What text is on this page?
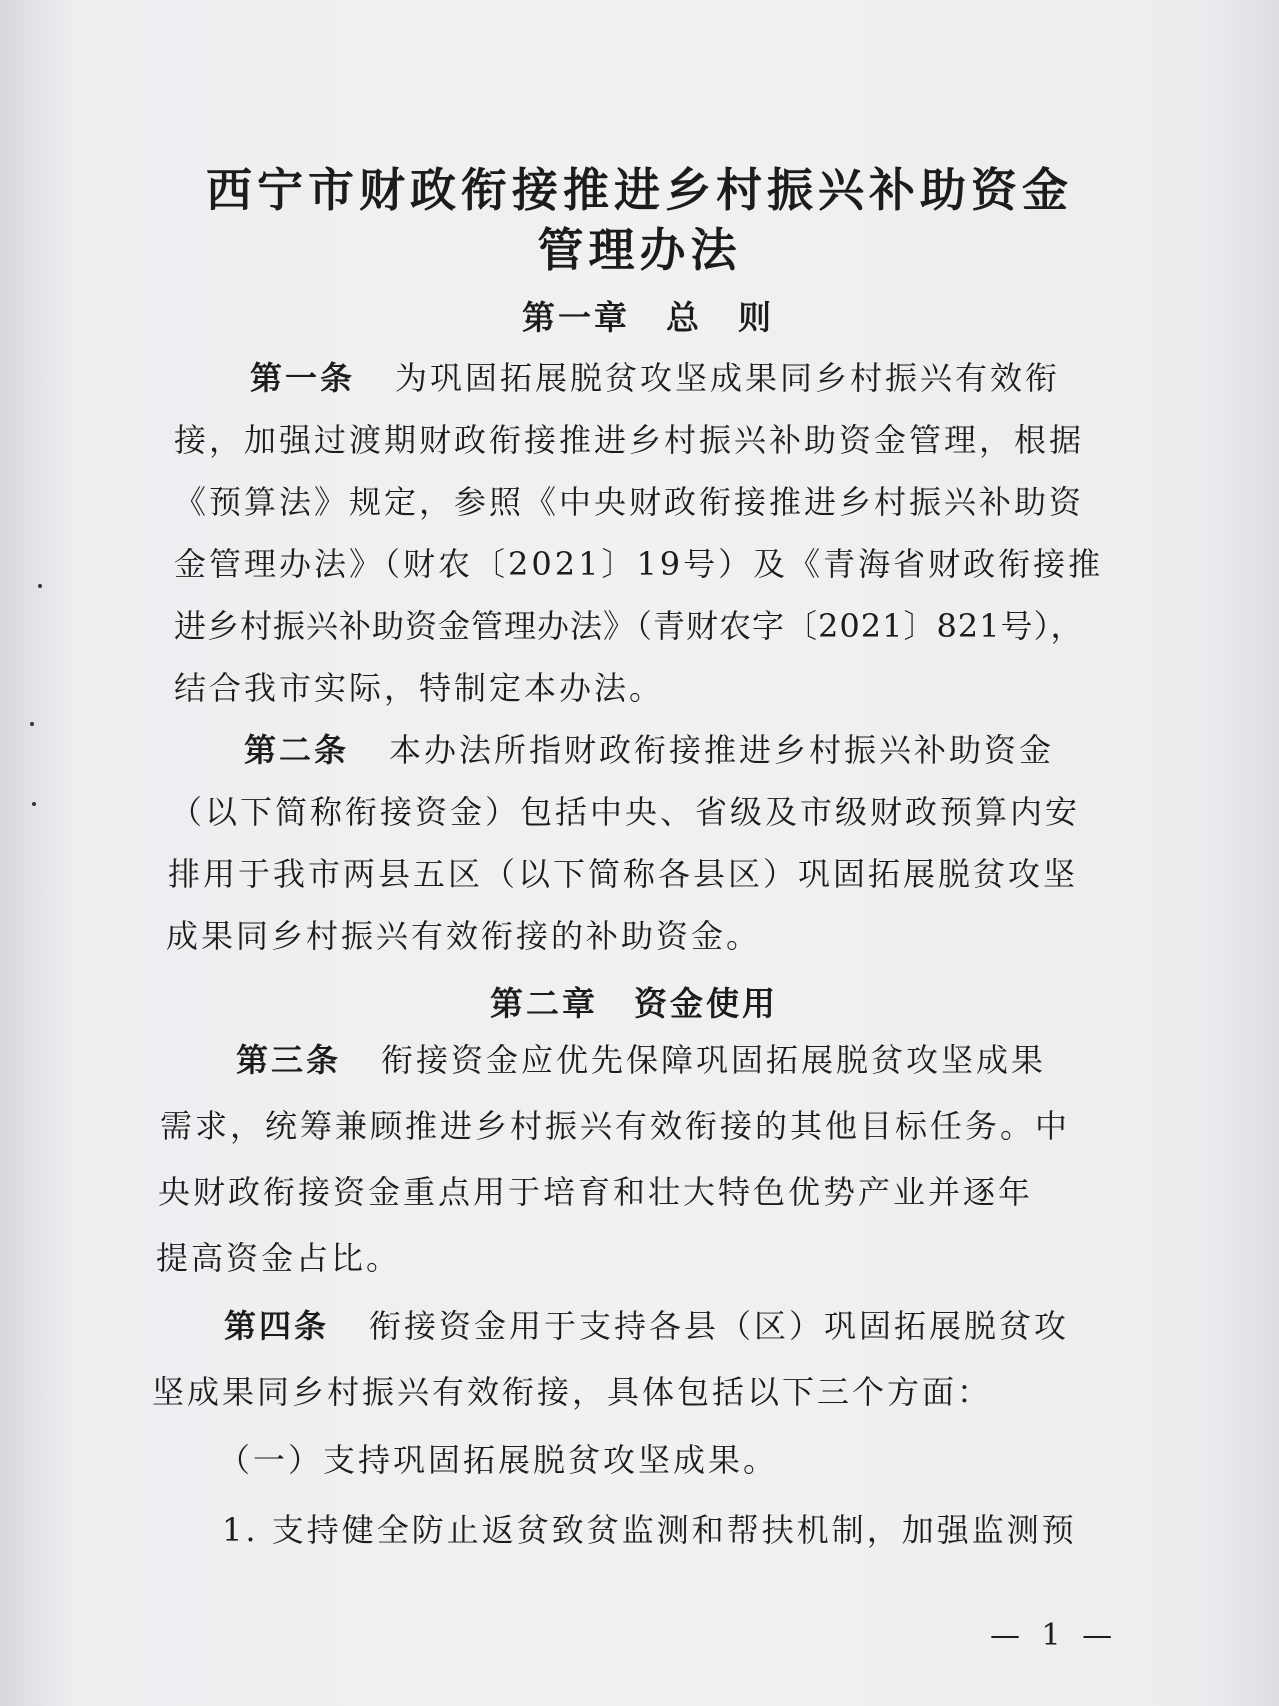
西宁市财政衔接推进乡村振兴补助资金
管理办法
第一章 总　则
第一条 为巩固拓展脱贫攻坚成果同乡村振兴有效衔
接，加强过渡期财政衔接推进乡村振兴补助资金管理，根据
《预算法》规定，参照《中央财政衔接推进乡村振兴补助资
金管理办法》（财农〔2021〕19号）及《青海省财政衔接推
进乡村振兴补助资金管理办法》（青财农字〔2021〕821号），
结合我市实际，特制定本办法。
第二条 本办法所指财政衔接推进乡村振兴补助资金
（以下简称衔接资金）包括中央、省级及市级财政预算内安
排用于我市两县五区（以下简称各县区）巩固拓展脱贫攻坚
成果同乡村振兴有效衔接的补助资金。
第二章 资金使用
第三条 衔接资金应优先保障巩固拓展脱贫攻坚成果
需求，统筹兼顾推进乡村振兴有效衔接的其他目标任务。中
央财政衔接资金重点用于培育和壮大特色优势产业并逐年
提高资金占比。
第四条 衔接资金用于支持各县（区）巩固拓展脱贫攻
坚成果同乡村振兴有效衔接，具体包括以下三个方面：
（一）支持巩固拓展脱贫攻坚成果。
1. 支持健全防止返贫致贫监测和帮扶机制，加强监测预
— 1 —
